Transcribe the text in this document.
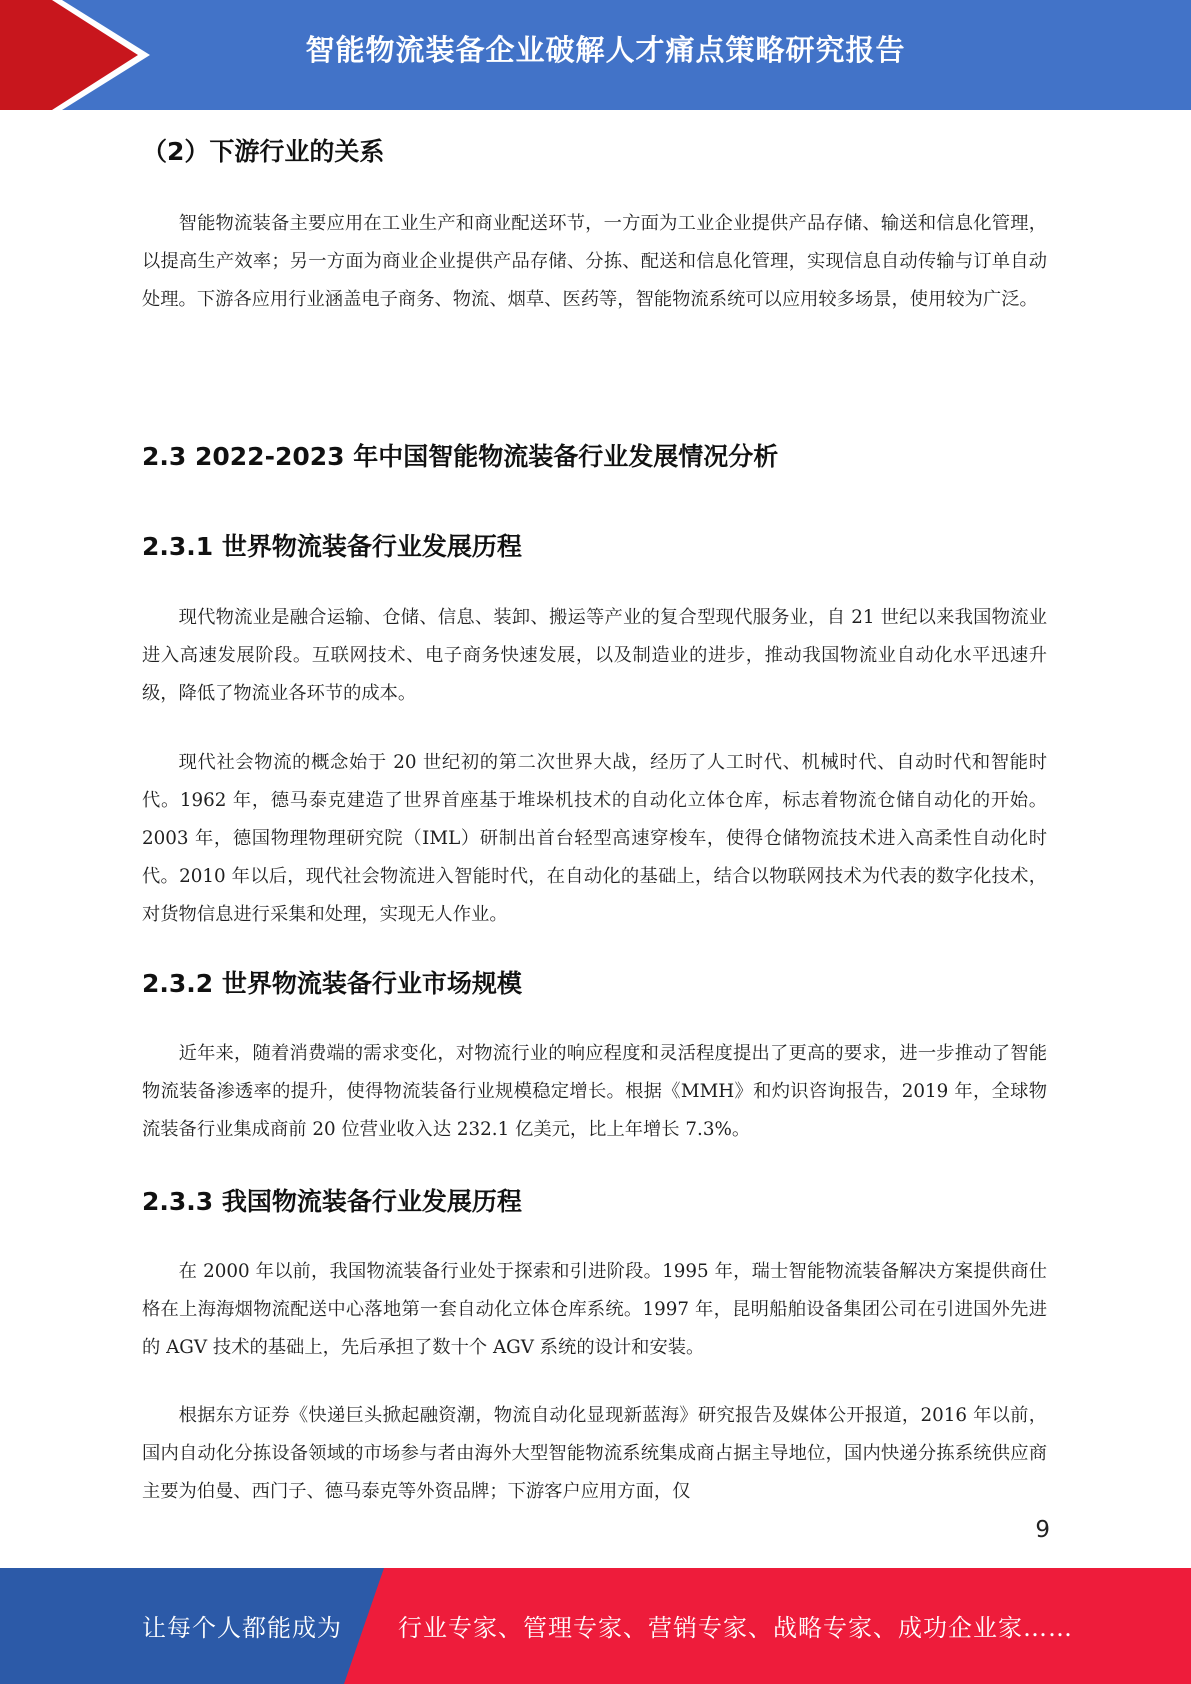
智能物流装备企业破解人才痛点策略研究报告
（2）下游行业的关系

智能物流装备主要应用在工业生产和商业配送环节，一方面为工业企业提供产品存储、输送和信息化管理，以提高生产效率；另一方面为商业企业提供产品存储、分拣、配送和信息化管理，实现信息自动传输与订单自动处理。下游各应用行业涵盖电子商务、物流、烟草、医药等，智能物流系统可以应用较多场景，使用较为广泛。

2.3 2022-2023 年中国智能物流装备行业发展情况分析
2.3.1 世界物流装备行业发展历程

现代物流业是融合运输、仓储、信息、装卸、搬运等产业的复合型现代服务业，自 21 世纪以来我国物流业进入高速发展阶段。互联网技术、电子商务快速发展，以及制造业的进步，推动我国物流业自动化水平迅速升级，降低了物流业各环节的成本。

现代社会物流的概念始于 20 世纪初的第二次世界大战，经历了人工时代、机械时代、自动时代和智能时代。1962 年，德马泰克建造了世界首座基于堆垛机技术的自动化立体仓库，标志着物流仓储自动化的开始。2003 年，德国物理物理研究院（IML）研制出首台轻型高速穿梭车，使得仓储物流技术进入高柔性自动化时代。2010 年以后，现代社会物流进入智能时代，在自动化的基础上，结合以物联网技术为代表的数字化技术，对货物信息进行采集和处理，实现无人作业。

2.3.2 世界物流装备行业市场规模

近年来，随着消费端的需求变化，对物流行业的响应程度和灵活程度提出了更高的要求，进一步推动了智能物流装备渗透率的提升，使得物流装备行业规模稳定增长。根据《MMH》和灼识咨询报告，2019 年，全球物流装备行业集成商前 20 位营业收入达 232.1 亿美元，比上年增长 7.3%。

2.3.3 我国物流装备行业发展历程

在 2000 年以前，我国物流装备行业处于探索和引进阶段。1995 年，瑞士智能物流装备解决方案提供商仕格在上海海烟物流配送中心落地第一套自动化立体仓库系统。1997 年，昆明船舶设备集团公司在引进国外先进的 AGV 技术的基础上，先后承担了数十个 AGV 系统的设计和安装。

根据东方证券《快递巨头掀起融资潮，物流自动化显现新蓝海》研究报告及媒体公开报道，2016 年以前，国内自动化分拣设备领域的市场参与者由海外大型智能物流系统集成商占据主导地位，国内快递分拣系统供应商主要为伯曼、西门子、德马泰克等外资品牌；下游客户应用方面，仅

9
让每个人都能成为 行业专家、管理专家、营销专家、战略专家、成功企业家……
